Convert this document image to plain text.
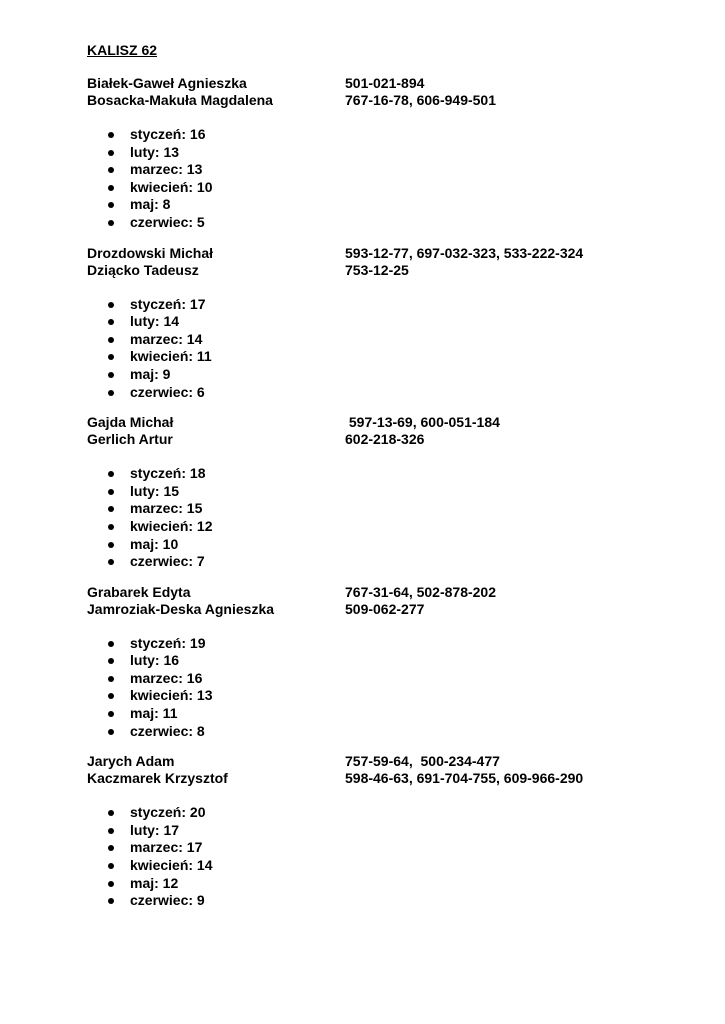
KALISZ 62
Białek-Gaweł Agnieszka	501-021-894
Bosacka-Makuła Magdalena	767-16-78, 606-949-501
styczeń: 16
luty: 13
marzec: 13
kwiecień: 10
maj: 8
czerwiec: 5
Drozdowski Michał	593-12-77, 697-032-323, 533-222-324
Dziącko Tadeusz	753-12-25
styczeń: 17
luty: 14
marzec: 14
kwiecień: 11
maj: 9
czerwiec: 6
Gajda Michał	597-13-69, 600-051-184
Gerlich Artur	602-218-326
styczeń: 18
luty: 15
marzec: 15
kwiecień: 12
maj: 10
czerwiec: 7
Grabarek Edyta	767-31-64, 502-878-202
Jamroziak-Deska Agnieszka	509-062-277
styczeń: 19
luty: 16
marzec: 16
kwiecień: 13
maj: 11
czerwiec: 8
Jarych Adam	757-59-64,  500-234-477
Kaczmarek Krzysztof	598-46-63, 691-704-755, 609-966-290
styczeń: 20
luty: 17
marzec: 17
kwiecień: 14
maj: 12
czerwiec: 9
